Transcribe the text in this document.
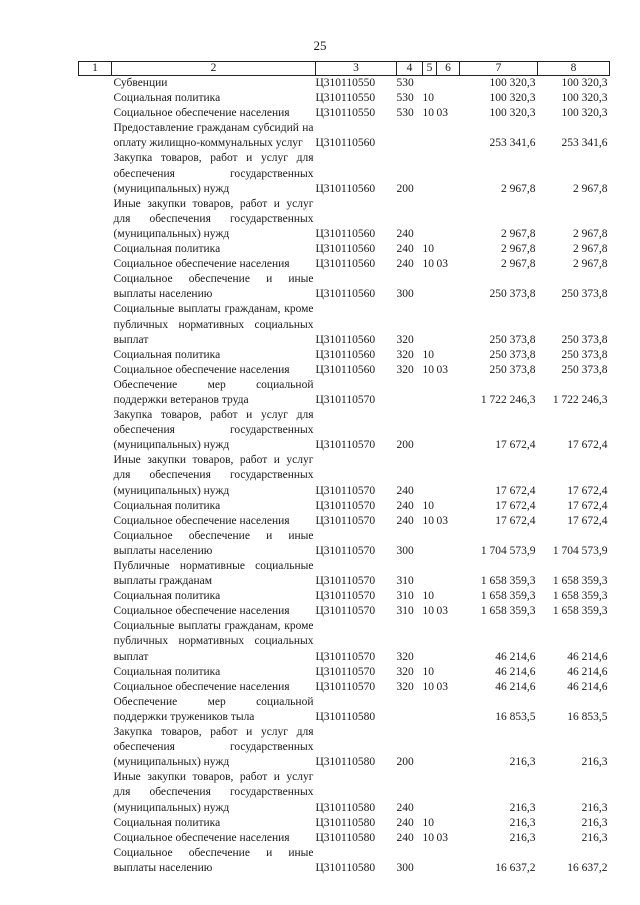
25
1	2	3	4	5	6	7	8
	Субвенции	Ц310110550	530			100 320,3	100 320,3
	Социальная политика	Ц310110550	530	10		100 320,3	100 320,3
	Социальное обеспечение населения	Ц310110550	530	10	03	100 320,3	100 320,3
	Предоставление гражданам субсидий на оплату жилищно-коммунальных услуг	Ц310110560				253 341,6	253 341,6
	Закупка товаров, работ и услуг для обеспечения государственных (муниципальных) нужд	Ц310110560	200			2 967,8	2 967,8
	Иные закупки товаров, работ и услуг для обеспечения государственных (муниципальных) нужд	Ц310110560	240			2 967,8	2 967,8
	Социальная политика	Ц310110560	240	10		2 967,8	2 967,8
	Социальное обеспечение населения	Ц310110560	240	10	03	2 967,8	2 967,8
	Социальное обеспечение и иные выплаты населению	Ц310110560	300			250 373,8	250 373,8
	Социальные выплаты гражданам, кроме публичных нормативных социальных выплат	Ц310110560	320			250 373,8	250 373,8
	Социальная политика	Ц310110560	320	10		250 373,8	250 373,8
	Социальное обеспечение населения	Ц310110560	320	10	03	250 373,8	250 373,8
	Обеспечение мер социальной поддержки ветеранов труда	Ц310110570				1 722 246,3	1 722 246,3
	Закупка товаров, работ и услуг для обеспечения государственных (муниципальных) нужд	Ц310110570	200			17 672,4	17 672,4
	Иные закупки товаров, работ и услуг для обеспечения государственных (муниципальных) нужд	Ц310110570	240			17 672,4	17 672,4
	Социальная политика	Ц310110570	240	10		17 672,4	17 672,4
	Социальное обеспечение населения	Ц310110570	240	10	03	17 672,4	17 672,4
	Социальное обеспечение и иные выплаты населению	Ц310110570	300			1 704 573,9	1 704 573,9
	Публичные нормативные социальные выплаты гражданам	Ц310110570	310			1 658 359,3	1 658 359,3
	Социальная политика	Ц310110570	310	10		1 658 359,3	1 658 359,3
	Социальное обеспечение населения	Ц310110570	310	10	03	1 658 359,3	1 658 359,3
	Социальные выплаты гражданам, кроме публичных нормативных социальных выплат	Ц310110570	320			46 214,6	46 214,6
	Социальная политика	Ц310110570	320	10		46 214,6	46 214,6
	Социальное обеспечение населения	Ц310110570	320	10	03	46 214,6	46 214,6
	Обеспечение мер социальной поддержки тружеников тыла	Ц310110580				16 853,5	16 853,5
	Закупка товаров, работ и услуг для обеспечения государственных (муниципальных) нужд	Ц310110580	200			216,3	216,3
	Иные закупки товаров, работ и услуг для обеспечения государственных (муниципальных) нужд	Ц310110580	240			216,3	216,3
	Социальная политика	Ц310110580	240	10		216,3	216,3
	Социальное обеспечение населения	Ц310110580	240	10	03	216,3	216,3
	Социальное обеспечение и иные выплаты населению	Ц310110580	300			16 637,2	16 637,2
